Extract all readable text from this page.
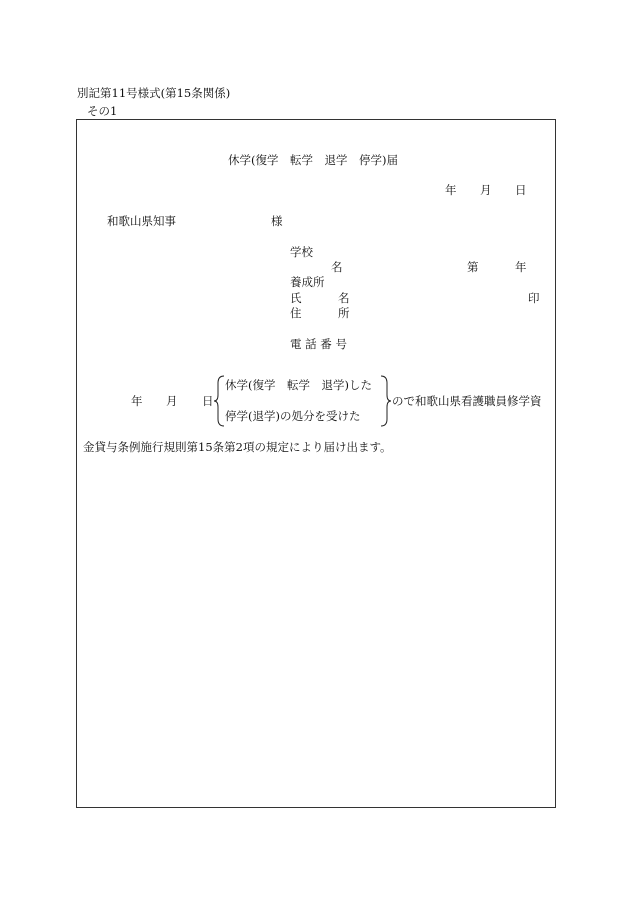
別記第11号様式(第15条関係)
その1
休学(復学　転学　退学　停学)届
年 月 日
和歌山県知事	様
学校
名	第	年
養成所
氏	名	印
住	所
電 話 番 号
年 月 日
休学(復学　転学　退学)した
停学(退学)の処分を受けた
ので和歌山県看護職員修学資
金貸与条例施行規則第15条第2項の規定により届け出ます。
